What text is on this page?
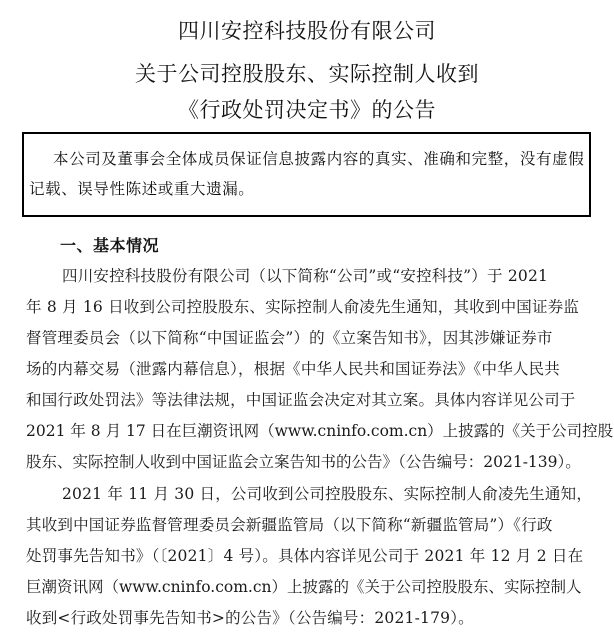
四川安控科技股份有限公司
关于公司控股股东、实际控制人收到
《行政处罚决定书》的公告
本公司及董事会全体成员保证信息披露内容的真实、准确和完整，没有虚假
记载、误导性陈述或重大遗漏。
一、基本情况
四川安控科技股份有限公司（以下简称“公司”或“安控科技”）于 2021
年 8 月 16 日收到公司控股股东、实际控制人俞凌先生通知，其收到中国证券监
督管理委员会（以下简称“中国证监会”）的《立案告知书》，因其涉嫌证券市
场的内幕交易（泄露内幕信息），根据《中华人民共和国证券法》《中华人民共
和国行政处罚法》等法律法规，中国证监会决定对其立案。具体内容详见公司于
2021 年 8 月 17 日在巨潮资讯网（www.cninfo.com.cn）上披露的《关于公司控股
股东、实际控制人收到中国证监会立案告知书的公告》（公告编号：2021-139）。
2021 年 11 月 30 日，公司收到公司控股股东、实际控制人俞凌先生通知，
其收到中国证券监督管理委员会新疆监管局（以下简称“新疆监管局”）《行政
处罚事先告知书》（〔2021〕4 号）。具体内容详见公司于 2021 年 12 月 2 日在
巨潮资讯网（www.cninfo.com.cn）上披露的《关于公司控股股东、实际控制人
收到<行政处罚事先告知书>的公告》（公告编号：2021-179）。
